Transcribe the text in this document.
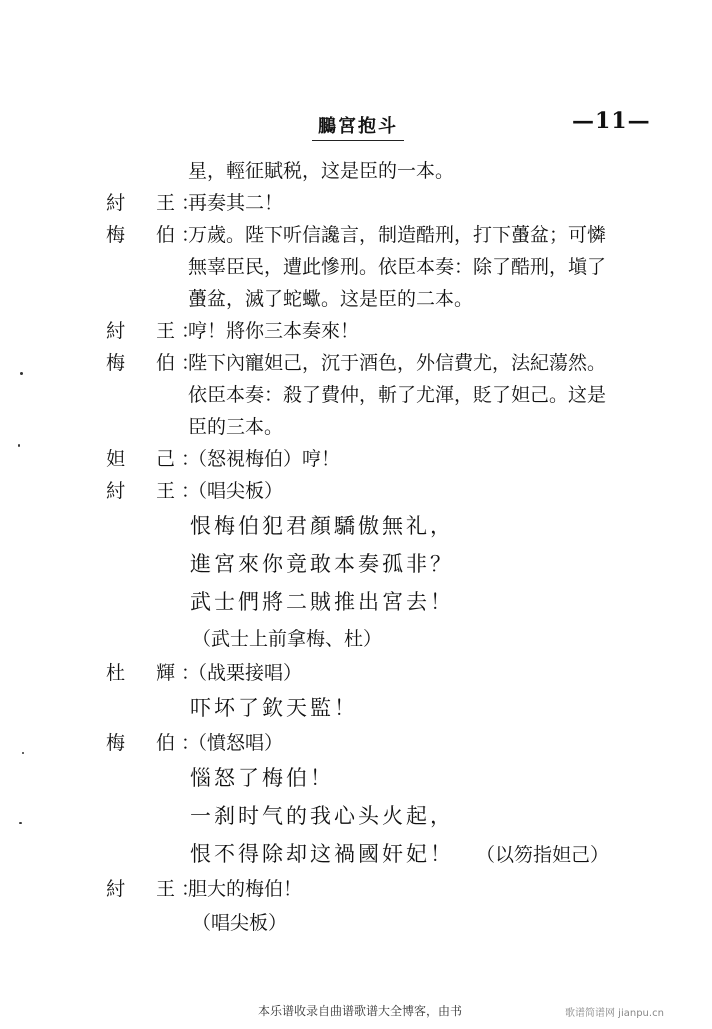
鵩宮抱斗	—11—
星，輕征賦税，这是臣的一本。
紂　王：
再奏其二！
梅　伯：
万歲。陛下听信讒言，制造酷刑，打下蠆盆；可憐
無辜臣民，遭此慘刑。依臣本奏：除了酷刑，塡了
蠆盆，滅了蛇蠍。这是臣的二本。
紂　王：
哼！將你三本奏來！
梅　伯：
陛下內寵妲己，沉于酒色，外信費尤，法紀蕩然。
依臣本奏：殺了費仲，斬了尤渾，貶了妲己。这是
臣的三本。
妲　己：
（怒視梅伯）哼！
紂　王：
（唱尖板）
恨梅伯犯君顏驕傲無礼，
進宮來你竟敢本奏孤非？
武士們將二賊推出宮去！
（武士上前拿梅、杜）
杜　輝：
（战栗接唱）
吓坏了欽天監！
梅　伯：
（憤怒唱）
惱怒了梅伯！
一刹时气的我心头火起，
恨不得除却这禍國奸妃！ （以笏指妲己）
紂　王：
胆大的梅伯！
（唱尖板）
本乐谱收录自曲谱歌谱大全博客，由书	歌谱简谱网 jianpu.cn
